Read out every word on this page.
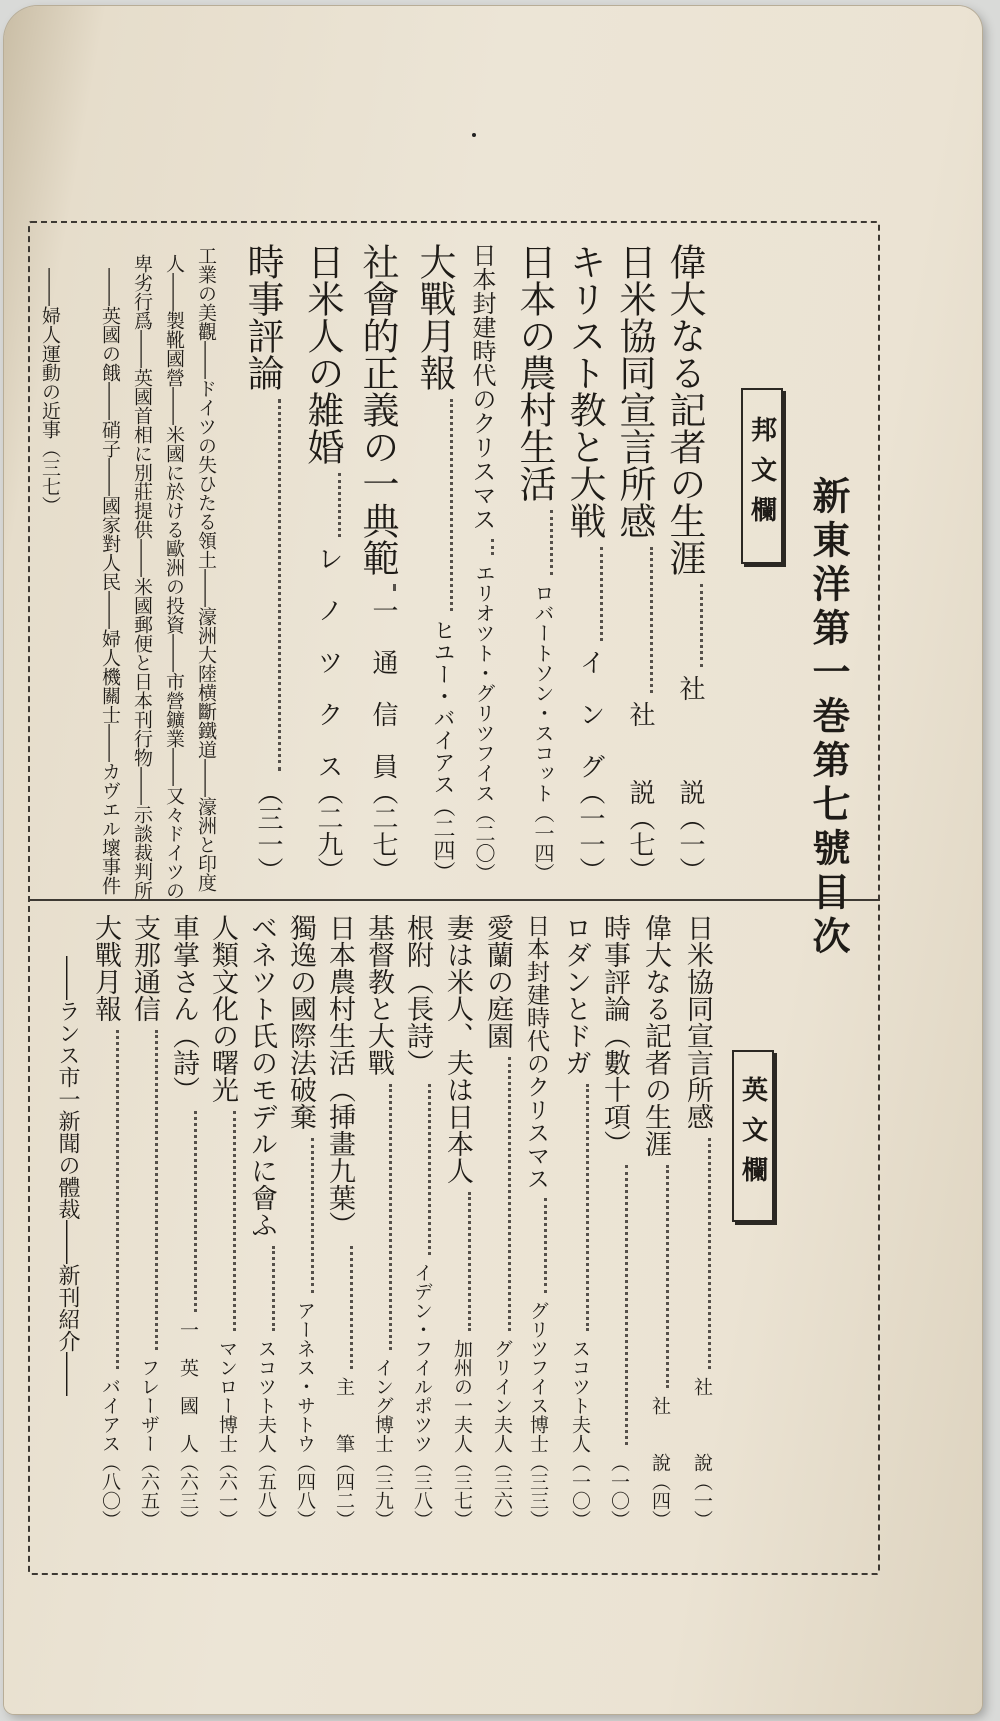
新東洋第一巻第七號目次
邦文欄
英文欄
偉大なる記者の生涯
社　　　説（一）
日米協同宣言所感
社　　説（七）
キリスト教と大戦
イ　ン　グ（一一）
日本の農村生活
ロバートソン・スコット（一四）
日本封建時代のクリスマス
エリオツト・グリツフイス（二〇）
大戰月報
ヒユー・バイアス（二四）
社會的正義の一典範
一　通　信　員（二七）
日米人の雑婚
レ　ノ　ツ　ク　ス（二九）
時事評論
（三一）
工業の美觀――ドイツの失ひたる領土――濠洲大陸横斷鐵道――濠洲と印度
人――製靴國營――米國に於ける歐洲の投資――市營鑛業――又々ドイツの
卑劣行爲――英國首相に別莊提供――米國郵便と日本刊行物――示談裁判所
――英國の餓――硝子――國家對人民――婦人機關士――カヴエル壞事件
――婦人運動の近事（三七）
日米協同宣言所感
社　　　說（一）
偉大なる記者の生涯
社　　說（四）
時事評論（數十項）
（一〇）
ロダンとドガ
スコツト夫人（一〇）
日本封建時代のクリスマス
グリツフイス博士（三三）
愛蘭の庭園
グリイン夫人（三六）
妻は米人、夫は日本人
加州の一夫人（三七）
根附（長詩）
イデン・フイルポツツ（三八）
基督教と大戰
イング博士（三九）
日本農村生活（挿畫九葉）
主　　筆（四二）
獨逸の國際法破棄
アーネス・サトウ（四八）
ベネツト氏のモデルに會ふ
スコツト夫人（五八）
人類文化の曙光
マンロー博士（六一）
車掌さん（詩）
一　英　國　人（六三）
支那通信
フレーザー（六五）
大戰月報
バイアス（八〇）
――ランス市一新聞の體裁――新刊紹介――
